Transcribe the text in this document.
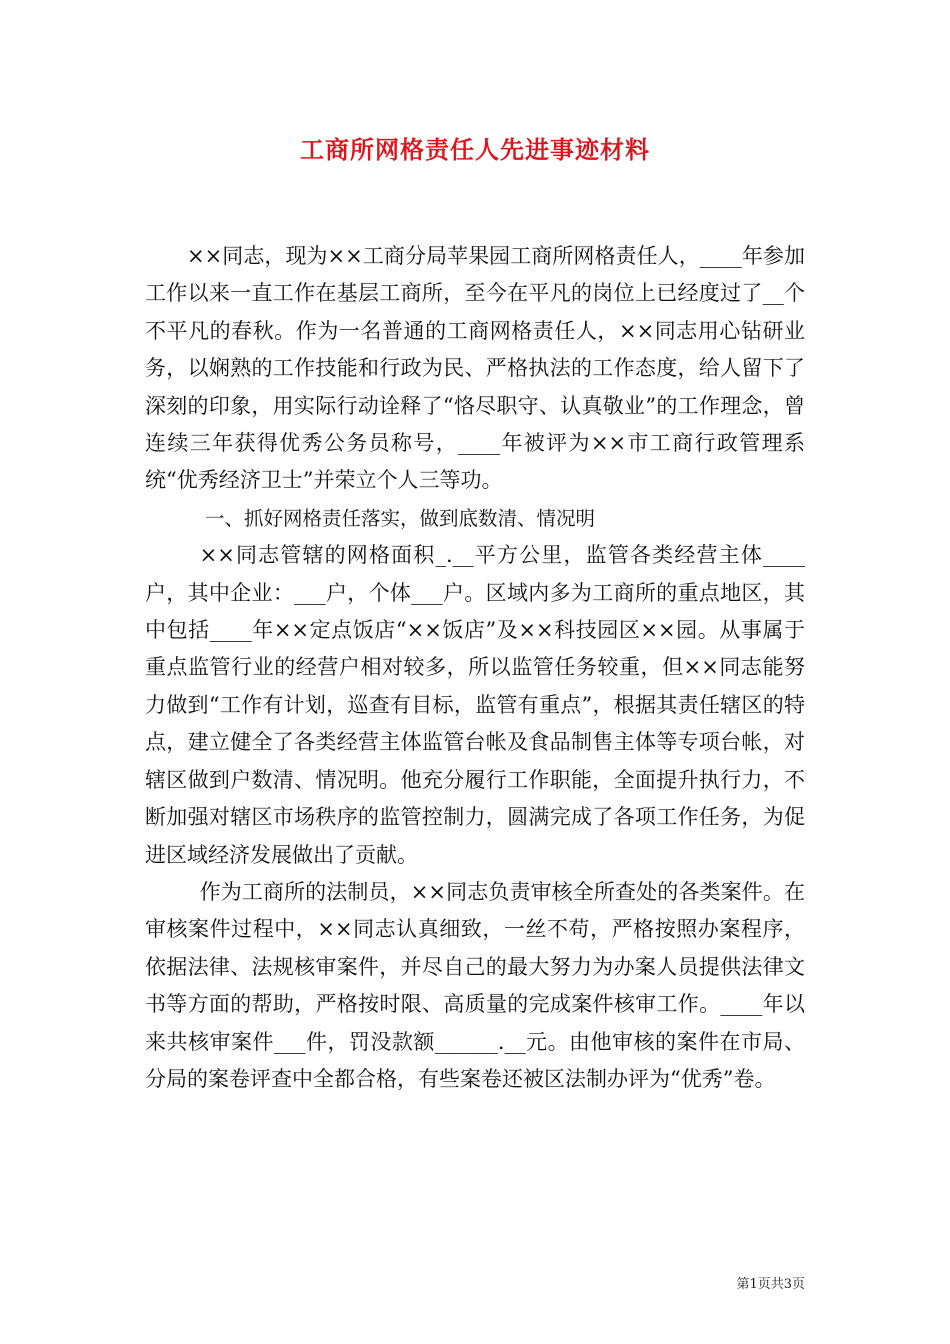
工商所网格责任人先进事迹材料

××同志，现为××工商分局苹果园工商所网格责任人，____年参加工作以来一直工作在基层工商所，至今在平凡的岗位上已经度过了__个不平凡的春秋。作为一名普通的工商网格责任人，××同志用心钻研业务，以娴熟的工作技能和行政为民、严格执法的工作态度，给人留下了深刻的印象，用实际行动诠释了“恪尽职守、认真敬业”的工作理念，曾连续三年获得优秀公务员称号，____年被评为××市工商行政管理系统“优秀经济卫士”并荣立个人三等功。

一、抓好网格责任落实，做到底数清、情况明

××同志管辖的网格面积_.__平方公里，监管各类经营主体____户，其中企业：___户，个体___户。区域内多为工商所的重点地区，其中包括____年××定点饭店“××饭店”及××科技园区××园。从事属于重点监管行业的经营户相对较多，所以监管任务较重，但××同志能努力做到“工作有计划，巡查有目标，监管有重点”，根据其责任辖区的特点，建立健全了各类经营主体监管台帐及食品制售主体等专项台帐，对辖区做到户数清、情况明。他充分履行工作职能，全面提升执行力，不断加强对辖区市场秩序的监管控制力，圆满完成了各项工作任务，为促进区域经济发展做出了贡献。

作为工商所的法制员，××同志负责审核全所查处的各类案件。在审核案件过程中，××同志认真细致，一丝不苟，严格按照办案程序，依据法律、法规核审案件，并尽自己的最大努力为办案人员提供法律文书等方面的帮助，严格按时限、高质量的完成案件核审工作。____年以来共核审案件___件，罚没款额______.__元。由他审核的案件在市局、分局的案卷评查中全都合格，有些案卷还被区法制办评为“优秀”卷。

第1页共3页
